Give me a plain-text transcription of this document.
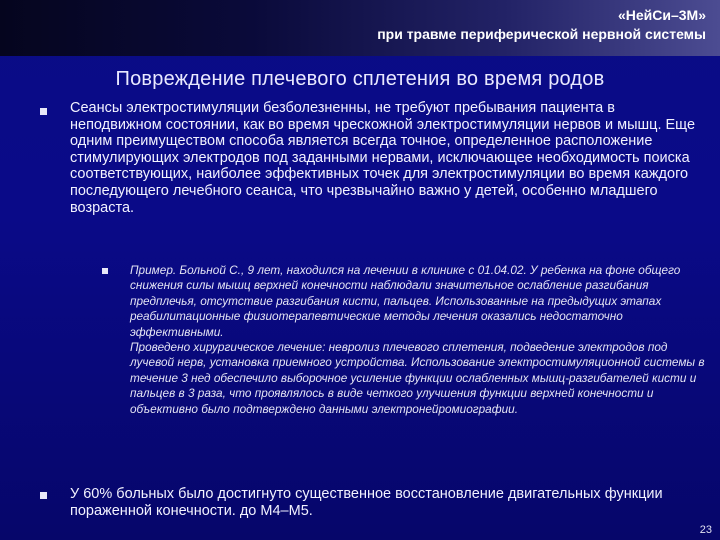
«НейСи–3М»
при травме периферической нервной системы
Повреждение плечевого сплетения во время родов
Сеансы электростимуляции безболезненны, не требуют пребывания пациента в неподвижном состоянии, как во время чрескожной электростимуляции нервов и мышц. Еще одним преимуществом способа является всегда точное, определенное расположение стимулирующих электродов под заданными нервами, исключающее необходимость поиска соответствующих, наиболее эффективных точек для электростимуляции во время каждого последующего лечебного сеанса, что чрезвычайно важно у детей, особенно младшего возраста.
Пример. Больной С., 9 лет, находился на лечении в клинике с 01.04.02. У ребенка на фоне общего снижения силы мышц верхней конечности наблюдали значительное ослабление разгибания предплечья, отсутствие разгибания кисти, пальцев. Использованные на предыдущих этапах реабилитационные физиотерапевтические методы лечения оказались недостаточно эффективными.
Проведено хирургическое лечение: невролиз плечевого сплетения, подведение электродов под лучевой нерв, установка приемного устройства. Использование электростимуляционной системы в течение 3 нед обеспечило выборочное усиление функции ослабленных мышц-разгибателей кисти и пальцев в 3 раза, что проявлялось в виде четкого улучшения функции верхней конечности и объективно было подтверждено данными электронейромиографии.
У 60% больных было достигнуто существенное восстановление двигательных функции пораженной конечности. до М4–М5.
23
